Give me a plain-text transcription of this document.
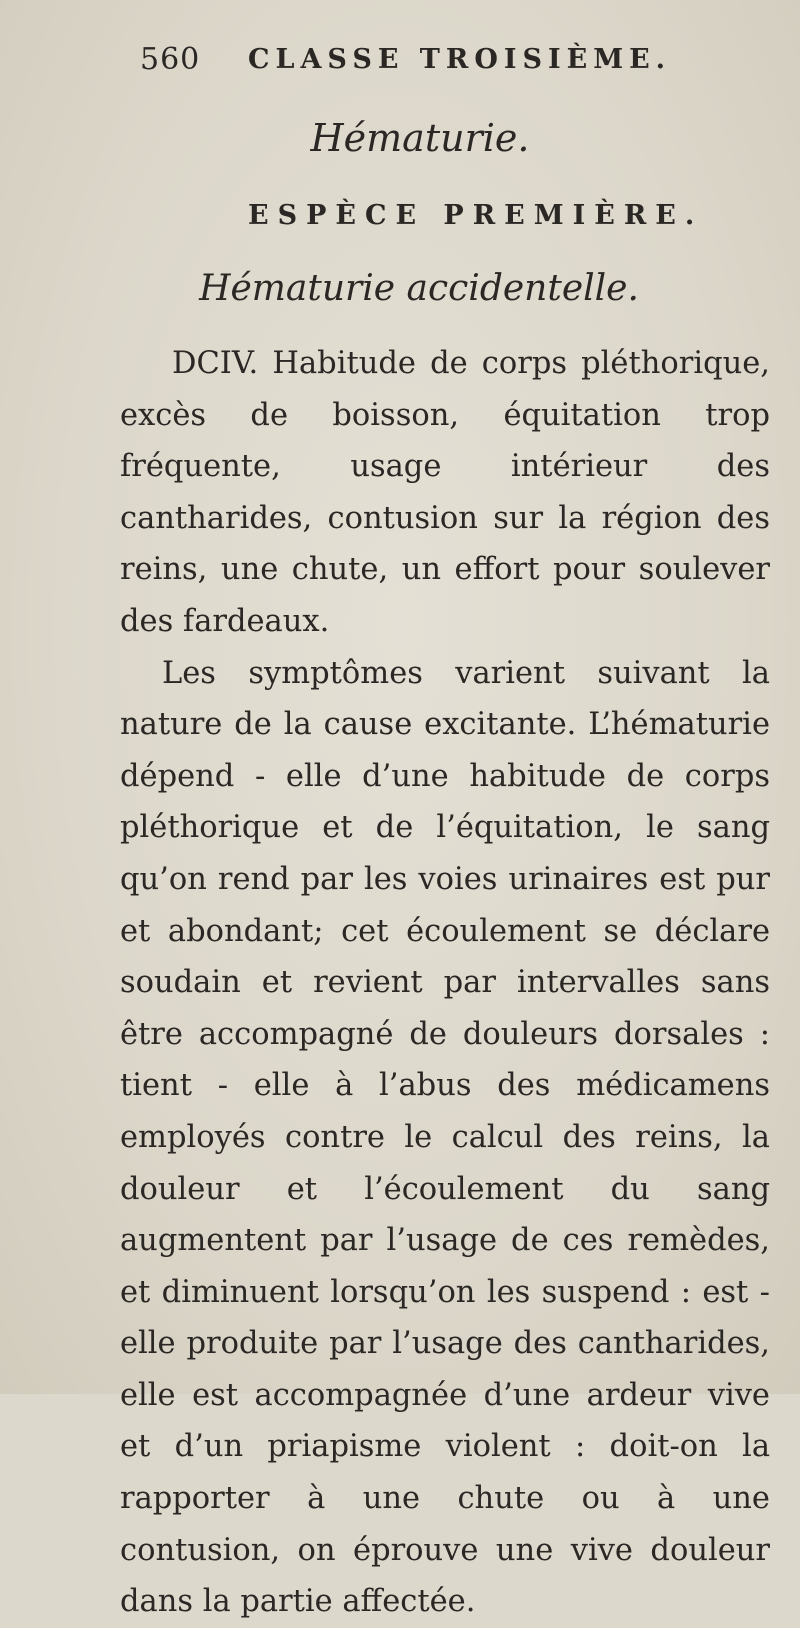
560 CLASSE TROISIÈME.
Hématurie.
ESPÈCE PREMIÈRE.
Hématurie accidentelle.

DCIV. Habitude de corps pléthorique, excès de boisson, équitation trop fréquente, usage intérieur des cantharides, contusion sur la région des reins, une chute, un effort pour soulever des fardeaux.

Les symptômes varient suivant la nature de la cause excitante. L’hématurie dépend - elle d’une habitude de corps pléthorique et de l’équitation, le sang qu’on rend par les voies urinaires est pur et abondant; cet écoulement se déclare soudain et revient par intervalles sans être accompagné de douleurs dorsales : tient - elle à l’abus des médicamens employés contre le calcul des reins, la douleur et l’écoulement du sang augmentent par l’usage de ces remèdes, et diminuent lorsqu’on les suspend : est - elle produite par l’usage des cantharides, elle est accompagnée d’une ardeur vive et d’un priapisme violent : doit-on la rapporter à une chute ou à une contusion, on éprouve une vive douleur dans la partie affectée.
